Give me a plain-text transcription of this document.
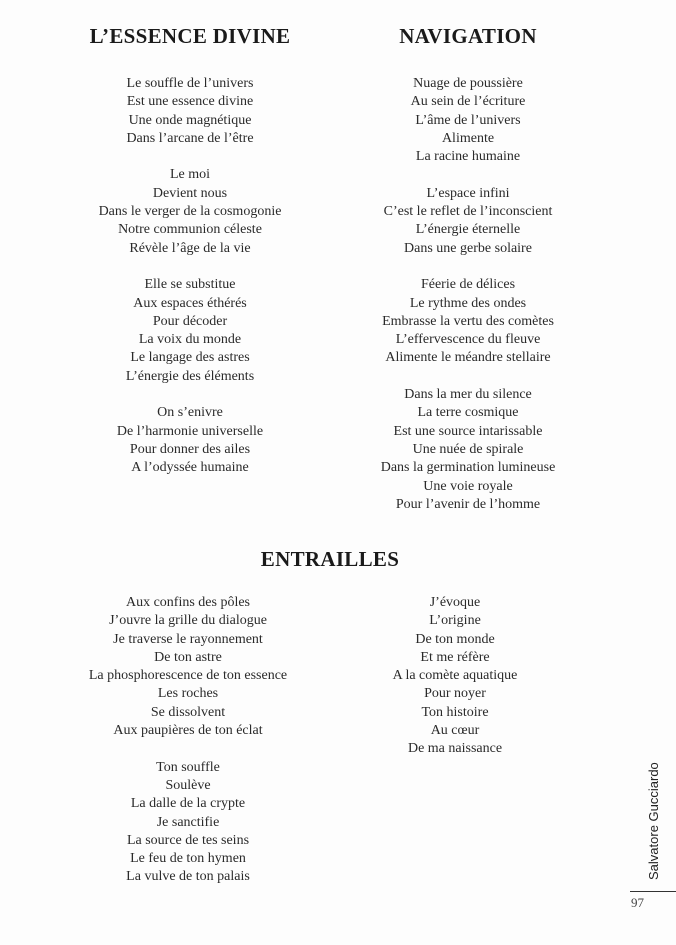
L’ESSENCE DIVINE	NAVIGATION
Le souffle de l’univers
Est une essence divine
Une onde magnétique
Dans l’arcane de l’être
Le moi
Devient nous
Dans le verger de la cosmogonie
Notre communion céleste
Révèle l’âge de la vie
Elle se substitue
Aux espaces éthérés
Pour décoder
La voix du monde
Le langage des astres
L’énergie des éléments
On s’enivre
De l’harmonie universelle
Pour donner des ailes
A l’odyssée humaine
Nuage de poussière
Au sein de l’écriture
L’âme de l’univers
Alimente
La racine humaine
L’espace infini
C’est le reflet de l’inconscient
L’énergie éternelle
Dans une gerbe solaire
Féerie de délices
Le rythme des ondes
Embrasse la vertu des comètes
L’effervescence du fleuve
Alimente le méandre stellaire
Dans la mer du silence
La terre cosmique
Est une source intarissable
Une nuée de spirale
Dans la germination lumineuse
Une voie royale
Pour l’avenir de l’homme
ENTRAILLES
Aux confins des pôles
J’ouvre la grille du dialogue
Je traverse le rayonnement
De ton astre
La phosphorescence de ton essence
Les roches
Se dissolvent
Aux paupières de ton éclat
Ton souffle
Soulève
La dalle de la crypte
Je sanctifie
La source de tes seins
Le feu de ton hymen
La vulve de ton palais
J’évoque
L’origine
De ton monde
Et me réfère
A la comète aquatique
Pour noyer
Ton histoire
Au cœur
De ma naissance
Salvatore Gucciardo
97
